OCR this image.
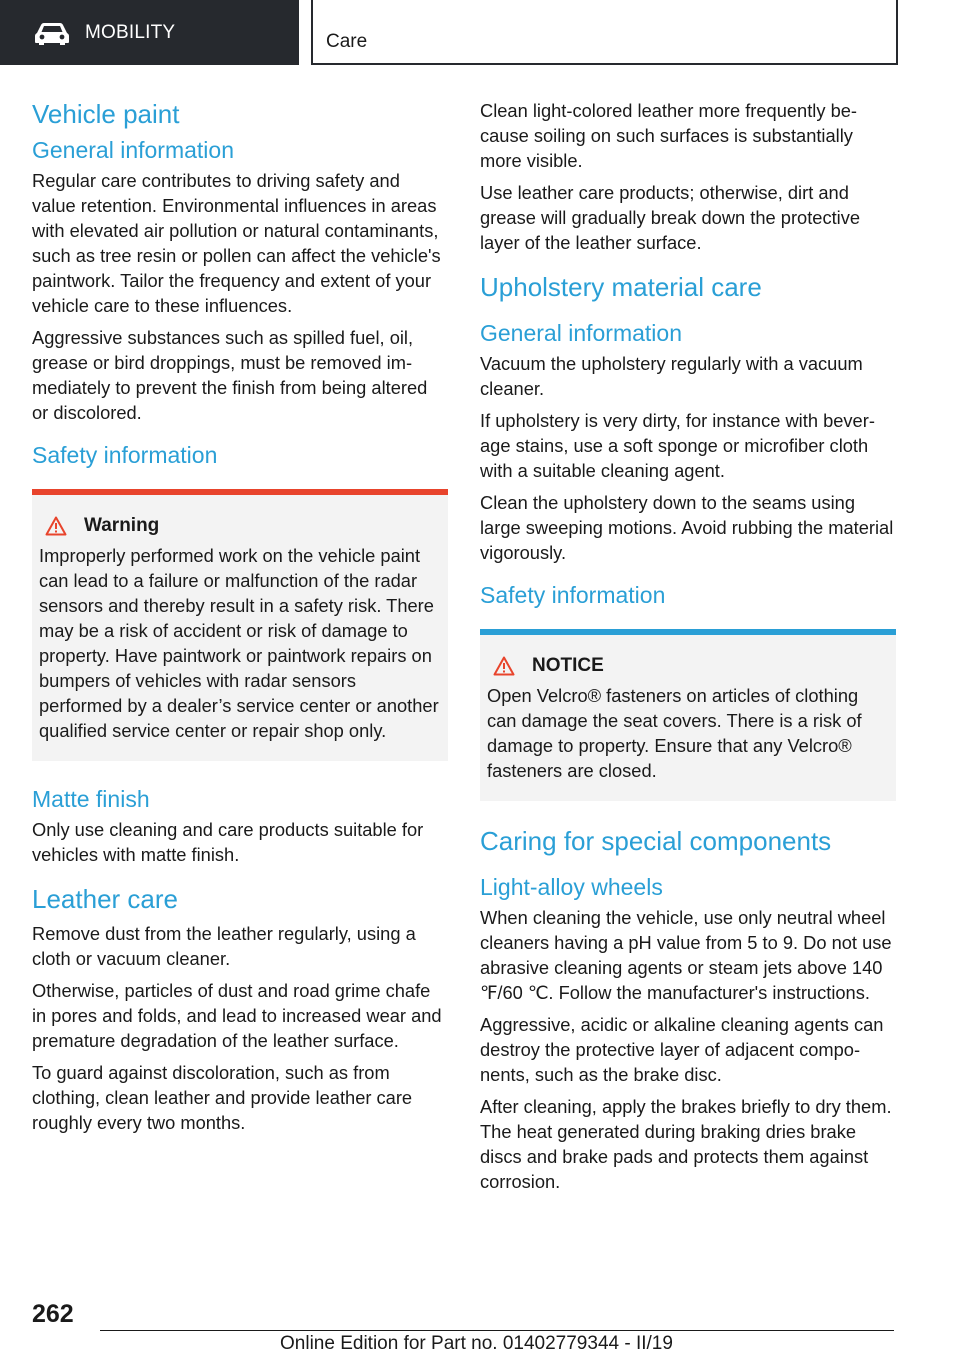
MOBILITY	Care
Vehicle paint
General information

Regular care contributes to driving safety and value retention. Environmental influences in areas with elevated air pollution or natural contaminants, such as tree resin or pollen can affect the vehicle's paintwork. Tailor the frequency and extent of your vehicle care to these influences.

Aggressive substances such as spilled fuel, oil, grease or bird droppings, must be removed immediately to prevent the finish from being altered or discolored.

Safety information
Warning

Improperly performed work on the vehicle paint can lead to a failure or malfunction of the radar sensors and thereby result in a safety risk. There may be a risk of accident or risk of damage to property. Have paintwork or paintwork repairs on bumpers of vehicles with radar sensors performed by a dealer’s service center or another qualified service center or repair shop only.

Matte finish

Only use cleaning and care products suitable for vehicles with matte finish.

Leather care

Remove dust from the leather regularly, using a cloth or vacuum cleaner.

Otherwise, particles of dust and road grime chafe in pores and folds, and lead to increased wear and premature degradation of the leather surface.

To guard against discoloration, such as from clothing, clean leather and provide leather care roughly every two months.

Clean light-colored leather more frequently because soiling on such surfaces is substantially more visible.

Use leather care products; otherwise, dirt and grease will gradually break down the protective layer of the leather surface.

Upholstery material care
General information

Vacuum the upholstery regularly with a vacuum cleaner.

If upholstery is very dirty, for instance with beverage stains, use a soft sponge or microfiber cloth with a suitable cleaning agent.

Clean the upholstery down to the seams using large sweeping motions. Avoid rubbing the material vigorously.

Safety information
NOTICE

Open Velcro® fasteners on articles of clothing can damage the seat covers. There is a risk of damage to property. Ensure that any Velcro® fasteners are closed.

Caring for special components
Light-alloy wheels

When cleaning the vehicle, use only neutral wheel cleaners having a pH value from 5 to 9. Do not use abrasive cleaning agents or steam jets above 140 ℉/60 ℃. Follow the manufacturer's instructions.

Aggressive, acidic or alkaline cleaning agents can destroy the protective layer of adjacent components, such as the brake disc.

After cleaning, apply the brakes briefly to dry them. The heat generated during braking dries brake discs and brake pads and protects them against corrosion.

262
Online Edition for Part no. 01402779344 - II/19
